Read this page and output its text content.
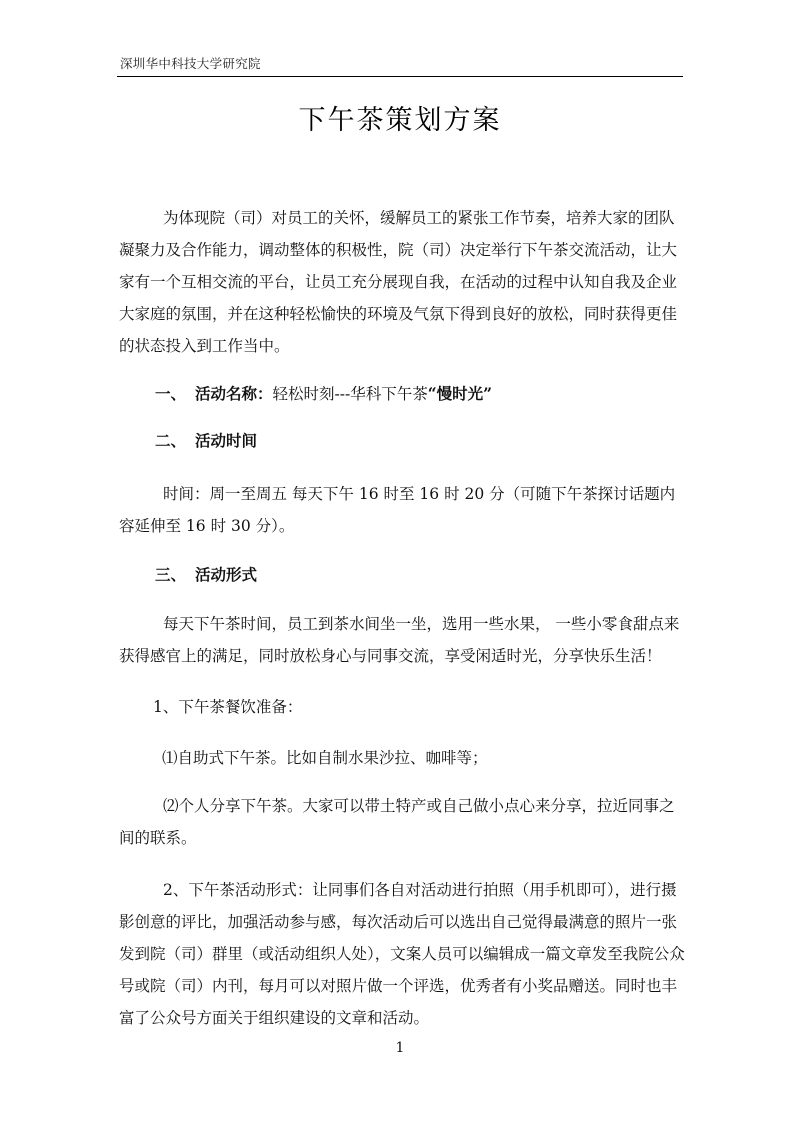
深圳华中科技大学研究院
下午茶策划方案

为体现院（司）对员工的关怀，缓解员工的紧张工作节奏，培养大家的团队凝聚力及合作能力，调动整体的积极性，院（司）决定举行下午茶交流活动，让大家有一个互相交流的平台，让员工充分展现自我，在活动的过程中认知自我及企业大家庭的氛围，并在这种轻松愉快的环境及气氛下得到良好的放松，同时获得更佳的状态投入到工作当中。

一、 活动名称：轻松时刻---华科下午茶“慢时光”
二、 活动时间

时间：周一至周五 每天下午 16 时至 16 时 20 分（可随下午茶探讨话题内容延伸至 16 时 30 分）。

三、 活动形式

每天下午茶时间，员工到茶水间坐一坐，选用一些水果， 一些小零食甜点来获得感官上的满足，同时放松身心与同事交流，享受闲适时光，分享快乐生活！

1、下午茶餐饮准备：
⑴自助式下午茶。比如自制水果沙拉、咖啡等；

⑵个人分享下午茶。大家可以带土特产或自己做小点心来分享，拉近同事之间的联系。

2、下午茶活动形式：让同事们各自对活动进行拍照（用手机即可），进行摄影创意的评比，加强活动参与感，每次活动后可以选出自己觉得最满意的照片一张发到院（司）群里（或活动组织人处），文案人员可以编辑成一篇文章发至我院公众号或院（司）内刊，每月可以对照片做一个评选，优秀者有小奖品赠送。同时也丰富了公众号方面关于组织建设的文章和活动。

1
